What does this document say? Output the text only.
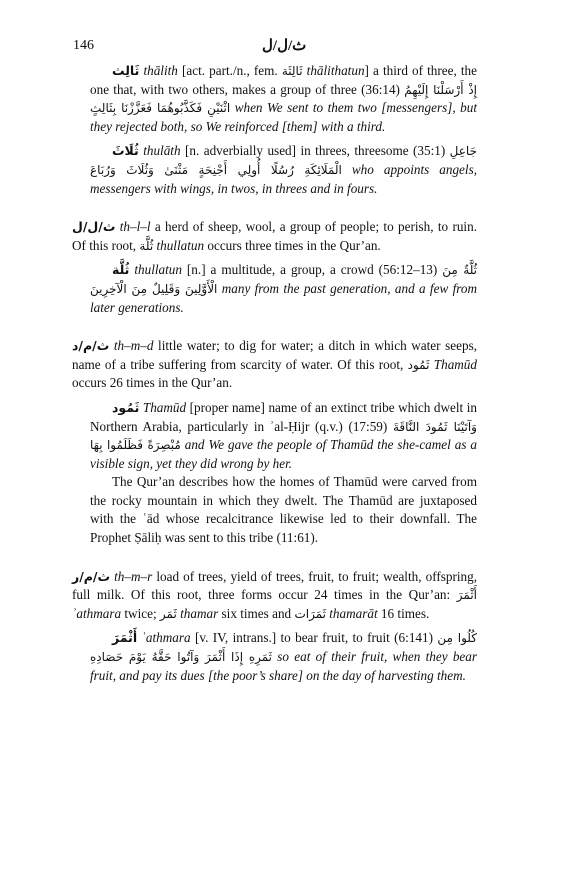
146	ث/ل/ل

ثَالِث thālith [act. part./n., fem. ثَالِثَة thālithatun] a third of three, the one that, with two others, makes a group of three (36:14) إِذْ أَرْسَلْنَا إِلَيْهِمُ اثْنَيْنِ فَكَذَّبُوهُمَا فَعَزَّزْنَا بِثَالِثٍ when We sent to them two [messengers], but they rejected both, so We reinforced [them] with a third.

ثُلَاثَ thulāth [n. adverbially used] in threes, threesome (35:1) جَاعِلِ الْمَلَائِكَةِ رُسُلًا أُولِي أَجْنِحَةٍ مَثْنَىٰ وَثُلَاثَ وَرُبَاعَ who appoints angels, messengers with wings, in twos, in threes and in fours.

ث/ل/ل th–l–l a herd of sheep, wool, a group of people; to perish, to ruin. Of this root, ثُلَّة thullatun occurs three times in the Qur’an.

ثُلَّة thullatun [n.] a multitude, a group, a crowd (56:12–13) ثُلَّةٌ مِنَ الْأَوَّلِينَ وَقَلِيلٌ مِنَ الْآخِرِينَ many from the past generation, and a few from later generations.

ث/م/د th–m–d little water; to dig for water; a ditch in which water seeps, name of a tribe suffering from scarcity of water. Of this root, ثَمُود Thamūd occurs 26 times in the Qur’an.

ثَمُود Thamūd [proper name] name of an extinct tribe which dwelt in Northern Arabia, particularly in ʾal-Ḥijr (q.v.) (17:59) وَآتَيْنَا ثَمُودَ النَّاقَةَ مُبْصِرَةً فَظَلَمُوا بِهَا and We gave the people of Thamūd the she-camel as a visible sign, yet they did wrong by her.

The Qur’an describes how the homes of Thamūd were carved from the rocky mountain in which they dwelt. The Thamūd are juxtaposed with the ʿād whose recalcitrance likewise led to their downfall. The Prophet Ṣāliḥ was sent to this tribe (11:61).

ث/م/ر th–m–r load of trees, yield of trees, fruit, to fruit; wealth, offspring, full milk. Of this root, three forms occur 24 times in the Qur’an: أَثْمَرَ ʾathmara twice; ثَمَر thamar six times and ثَمَرَات thamarāt 16 times.

أَثْمَرَ ʾathmara [v. IV, intrans.] to bear fruit, to fruit (6:141) كُلُوا مِن ثَمَرِهِ إِذَا أَثْمَرَ وَآتُوا حَقَّهُ يَوْمَ حَصَادِهِ so eat of their fruit, when they bear fruit, and pay its dues [the poor’s share] on the day of harvesting them.
